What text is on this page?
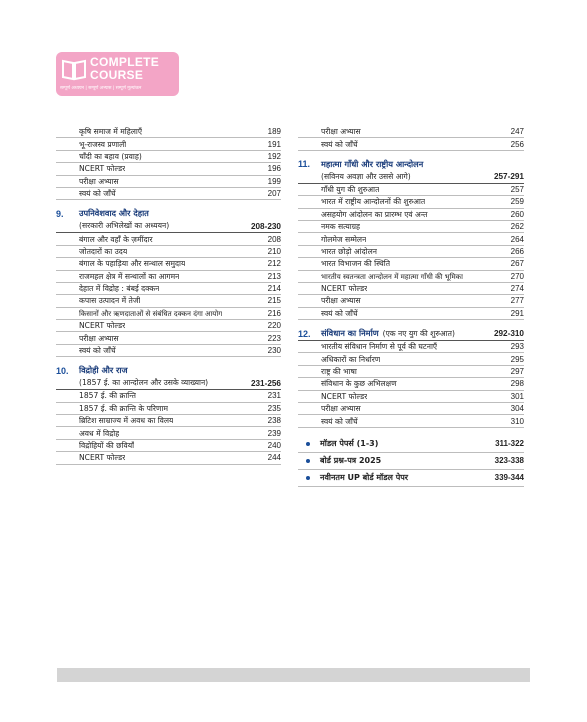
COMPLETE
COURSE
सम्पूर्ण अध्ययन | सम्पूर्ण अभ्यास | सम्पूर्ण मूल्यांकन
कृषि समाज में महिलाएँ	189
भू-राजस्व प्रणाली	191
चाँदी का बहाव (प्रवाह)	192
NCERT फोल्डर	196
परीक्षा अभ्यास	199
स्वयं को जाँचें	207
9.	उपनिवेशवाद और देहात
(सरकारी अभिलेखों का अध्ययन)	208-230
बंगाल और वहाँ के ज़मींदार	208
जोतदारों का उदय	210
बंगाल के पहाड़िया और सन्थाल समुदाय	212
राजमहल क्षेत्र में सन्थालों का आगमन	213
देहात में विद्रोह : बंबई दक्कन	214
कपास उत्पादन में तेजी	215
किसानों और ऋणदाताओं से संबंधित दक्कन दंगा आयोग	216
NCERT फोल्डर	220
परीक्षा अभ्यास	223
स्वयं को जाँचें	230
10.	विद्रोही और राज
(1857 ई. का आन्दोलन और उसके व्याख्यान)	231-256
1857 ई. की क्रान्ति	231
1857 ई. की क्रान्ति के परिणाम	235
ब्रिटिश साम्राज्य में अवध का विलय	238
अवध में विद्रोह	239
विद्रोहियों की छवियाँ	240
NCERT फोल्डर	244
परीक्षा अभ्यास	247
स्वयं को जाँचें	256
11.	महात्मा गाँधी और राष्ट्रीय आन्दोलन
(सविनय अवज्ञा और उससे आगे)	257-291
गाँधी युग की शुरुआत	257
भारत में राष्ट्रीय आन्दोलनों की शुरुआत	259
असहयोग आंदोलन का प्रारम्भ एवं अन्त	260
नमक सत्याग्रह	262
गोलमेज सम्मेलन	264
भारत छोड़ो आंदोलन	266
भारत विभाजन की स्थिति	267
भारतीय स्वतन्त्रता आन्दोलन में महात्मा गाँधी की भूमिका	270
NCERT फोल्डर	274
परीक्षा अभ्यास	277
स्वयं को जाँचें	291
12.	संविधान का निर्माण (एक नए युग की शुरुआत)	292-310
भारतीय संविधान निर्माण से पूर्व की घटनाएँ	293
अधिकारों का निर्धारण	295
राष्ट्र की भाषा	297
संविधान के कुछ अभिलक्षण	298
NCERT फोल्डर	301
परीक्षा अभ्यास	304
स्वयं को जाँचें	310
मॉडल पेपर्स (1-3)	311-322
बोर्ड प्रश्न-पत्र 2025	323-338
नवीनतम UP बोर्ड मॉडल पेपर	339-344
